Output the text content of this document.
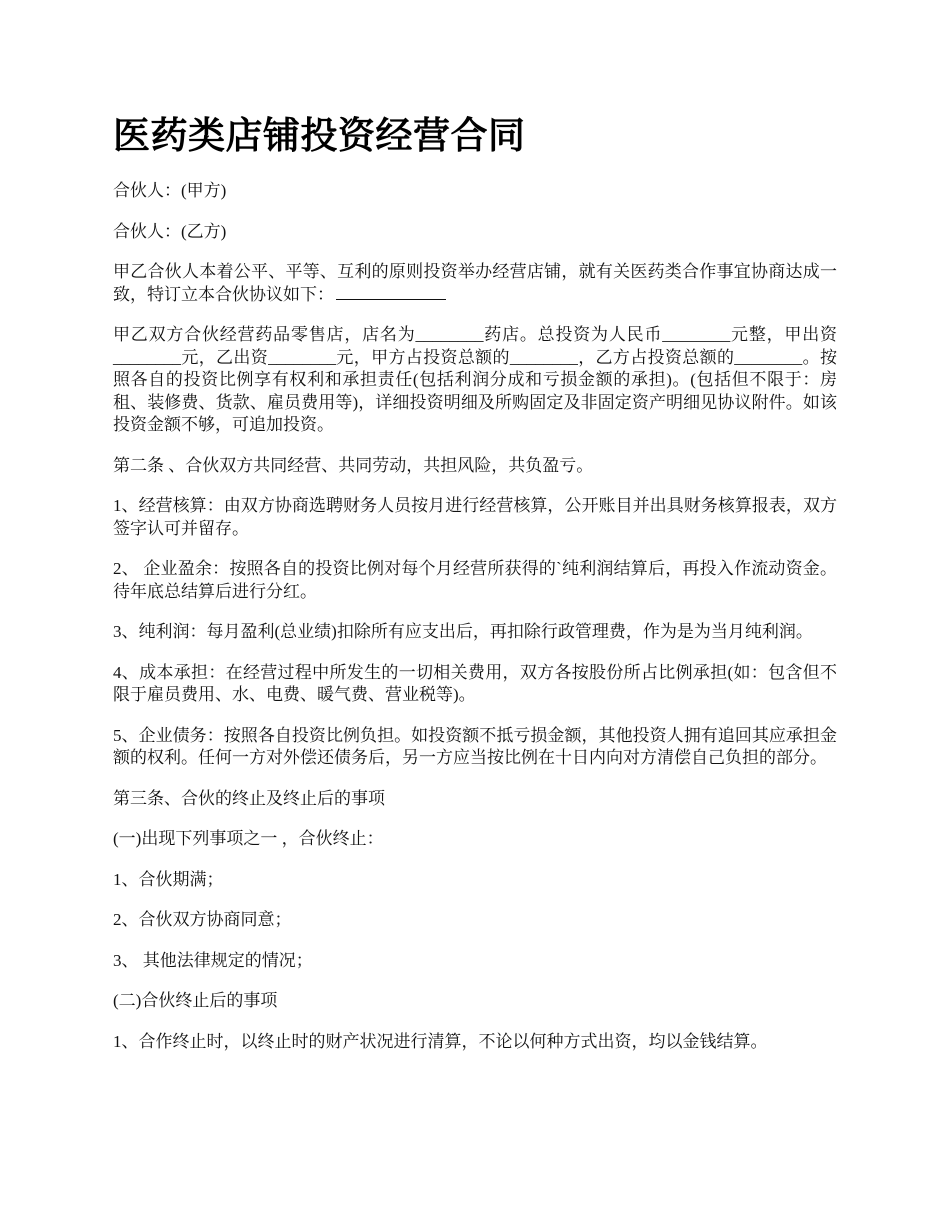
医药类店铺投资经营合同

合伙人：(甲方)

合伙人：(乙方)

甲乙合伙人本着公平、平等、互利的原则投资举办经营店铺，就有关医药类合作事宜协商达成一致，特订立本合伙协议如下：

甲乙双方合伙经营药品零售店，店名为________药店。总投资为人民币________元整，甲出资________元，乙出资________元，甲方占投资总额的________，乙方占投资总额的________。按照各自的投资比例享有权利和承担责任(包括利润分成和亏损金额的承担)。(包括但不限于：房租、装修费、货款、雇员费用等)，详细投资明细及所购固定及非固定资产明细见协议附件。如该投资金额不够，可追加投资。

第二条 、合伙双方共同经营、共同劳动，共担风险，共负盈亏。

1、经营核算：由双方协商选聘财务人员按月进行经营核算，公开账目并出具财务核算报表，双方签字认可并留存。

2、 企业盈余：按照各自的投资比例对每个月经营所获得的`纯利润结算后，再投入作流动资金。待年底总结算后进行分红。

3、纯利润：每月盈利(总业绩)扣除所有应支出后，再扣除行政管理费，作为是为当月纯利润。

4、成本承担：在经营过程中所发生的一切相关费用，双方各按股份所占比例承担(如：包含但不限于雇员费用、水、电费、暖气费、营业税等)。

5、企业债务：按照各自投资比例负担。如投资额不抵亏损金额，其他投资人拥有追回其应承担金额的权利。任何一方对外偿还债务后，另一方应当按比例在十日内向对方清偿自己负担的部分。

第三条、合伙的终止及终止后的事项

(一)出现下列事项之一 ，合伙终止：

1、合伙期满；

2、合伙双方协商同意；

3、 其他法律规定的情况；

(二)合伙终止后的事项

1、合作终止时，以终止时的财产状况进行清算，不论以何种方式出资，均以金钱结算。
